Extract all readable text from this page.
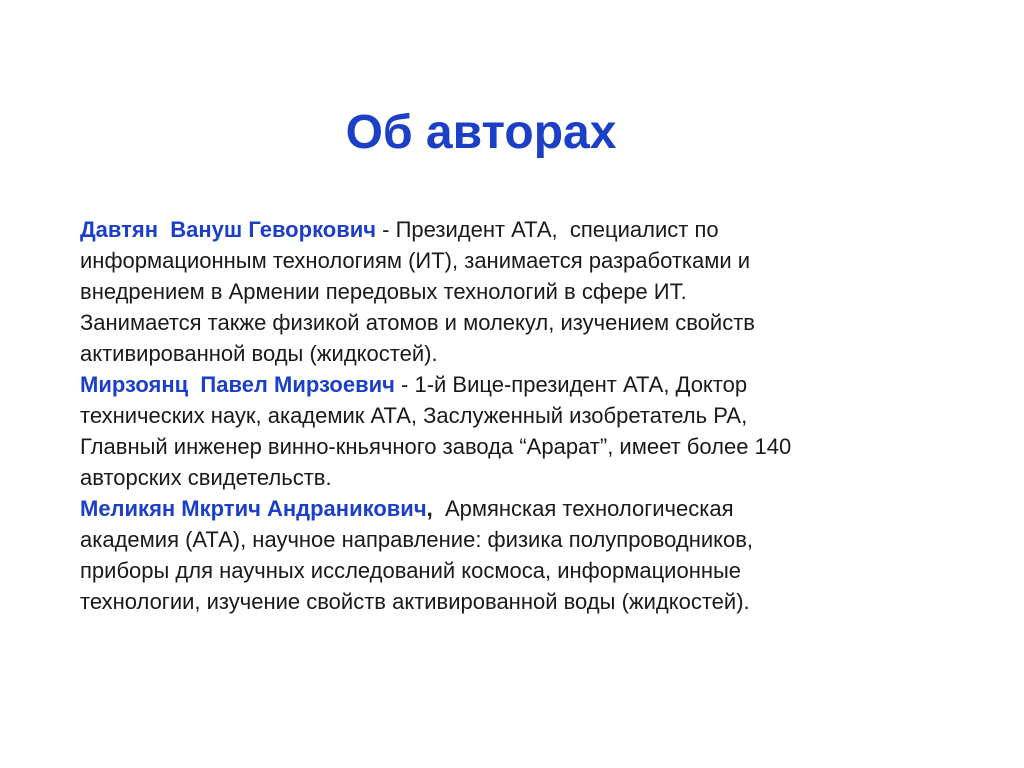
Об авторах
Давтян  Вануш Геворкович - Президент АТА,  специалист по
информационным технологиям (ИТ), занимается разработками и
внедрением в Армении передовых технологий в сфере ИТ.
Занимается также физикой атомов и молекул, изучением свойств
активированной воды (жидкостей).
Мирзоянц  Павел Мирзоевич - 1-й Вице-президент АТА, Доктор
технических наук, академик АТА, Заслуженный изобретатель РА,
Главный инженер винно-кньячного завода “Арарат”, имеет более 140
авторских свидетельств.
Меликян Мкртич Андраникович,  Армянская технологическая
академия (АТА), научное направление: физика полупроводников,
приборы для научных исследований космоса, информационные
технологии, изучение свойств активированной воды (жидкостей).
